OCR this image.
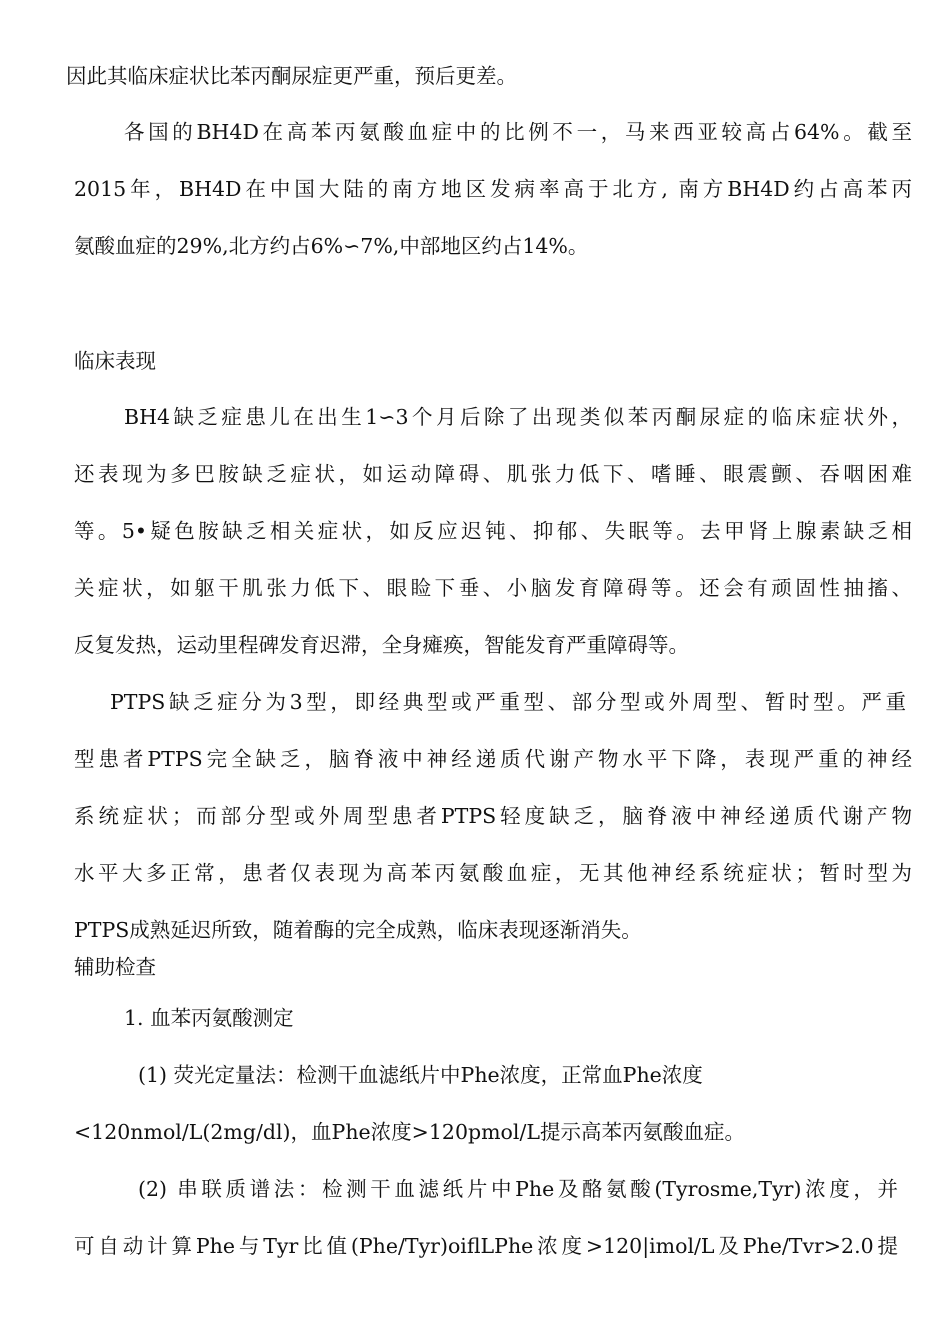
因此其临床症状比苯丙酮尿症更严重，预后更差。
各国的BH4D在高苯丙氨酸血症中的比例不一，马来西亚较高占64%。截至
2015年，BH4D在中国大陆的南方地区发病率高于北方, 南方BH4D约占高苯丙
氨酸血症的29%,北方约占6%∽7%,中部地区约占14%。
临床表现
BH4缺乏症患儿在出生1∽3个月后除了出现类似苯丙酮尿症的临床症状外，
还表现为多巴胺缺乏症状，如运动障碍、肌张力低下、嗜睡、眼震颤、吞咽困难
等。5•疑色胺缺乏相关症状，如反应迟钝、抑郁、失眠等。去甲肾上腺素缺乏相
关症状，如躯干肌张力低下、眼睑下垂、小脑发育障碍等。还会有顽固性抽搐、
反复发热，运动里程碑发育迟滞，全身瘫痪，智能发育严重障碍等。
PTPS缺乏症分为3型，即经典型或严重型、部分型或外周型、暂时型。严重
型患者PTPS完全缺乏，脑脊液中神经递质代谢产物水平下降，表现严重的神经
系统症状；而部分型或外周型患者PTPS轻度缺乏，脑脊液中神经递质代谢产物
水平大多正常，患者仅表现为高苯丙氨酸血症，无其他神经系统症状；暂时型为
PTPS成熟延迟所致，随着酶的完全成熟，临床表现逐渐消失。
辅助检查
1. 血苯丙氨酸测定
(1) 荧光定量法：检测干血滤纸片中Phe浓度，正常血Phe浓度
<120nmol/L(2mg/dl)，血Phe浓度>120pmol/L提示高苯丙氨酸血症。
(2) 串联质谱法：检测干血滤纸片中Phe及酪氨酸(Tyrosme,Tyr)浓度，并
可自动计算Phe与Tyr比值(Phe/Tyr)oiflLPhe浓度>120|imol/L及Phe/Tvr>2.0提
